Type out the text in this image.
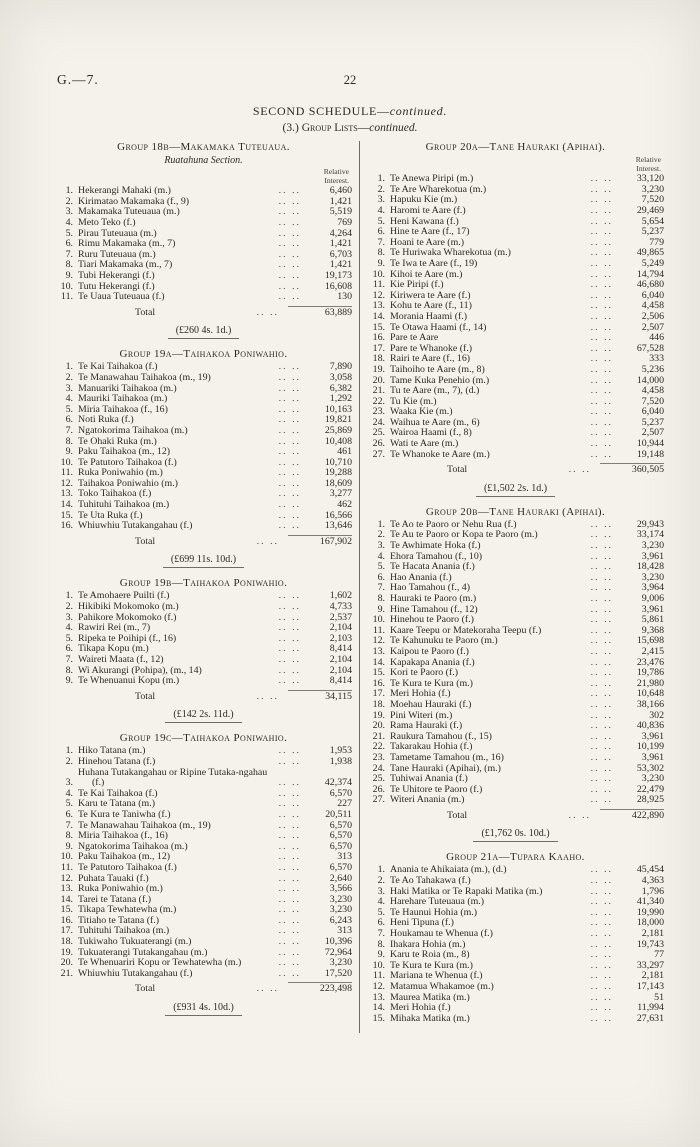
G.—7.	22
SECOND SCHEDULE—continued.
(3.) Group Lists—continued.
Group 18b—Makamaka Tuteuaua.
Ruatahuna Section.
Relative
Interest.
1. Hekerangi Mahaki (m.)	.. ..	6,460
2. Kirimatao Makamaka (f., 9)	.. ..	1,421
3. Makamaka Tuteuaua (m.)	.. ..	5,519
4. Meto Teko (f.)	.. ..	769
5. Pirau Tuteuaua (m.)	.. ..	4,264
6. Rimu Makamaka (m., 7)	.. ..	1,421
7. Ruru Tuteuaua (m.)	.. ..	6,703
8. Tiari Makamaka (m., 7)	.. ..	1,421
9. Tubi Hekerangi (f.)	.. ..	19,173
10. Tutu Hekerangi (f.)	.. ..	16,608
11. Te Uaua Tuteuaua (f.)	.. ..	130
Total	.. ..	63,889
(£260 4s. 1d.)
Group 19a—Taihakoa Poniwahio.
1. Te Kai Taihakoa (f.)	.. ..	7,890
2. Te Manawahau Taihakoa (m., 19)	.. ..	3,058
3. Manuariki Taihakoa (m.)	.. ..	6,382
4. Mauriki Taihakoa (m.)	.. ..	1,292
5. Miria Taihakoa (f., 16)	.. ..	10,163
6. Noti Ruka (f.)	.. ..	19,821
7. Ngatokorima Taihakoa (m.)	.. ..	25,869
8. Te Ohaki Ruka (m.)	.. ..	10,408
9. Paku Taihakoa (m., 12)	.. ..	461
10. Te Patutoro Taihakoa (f.)	.. ..	10,710
11. Ruka Poniwahio (m.)	.. ..	19,288
12. Taihakoa Poniwahio (m.)	.. ..	18,609
13. Toko Taihakoa (f.)	.. ..	3,277
14. Tuhituhi Taihakoa (m.)	.. ..	462
15. Te Uta Ruka (f.)	.. ..	16,566
16. Whiuwhiu Tutakangahau (f.)	.. ..	13,646
Total	.. ..	167,902
(£699 11s. 10d.)
Group 19b—Taihakoa Poniwahio.
1. Te Amohaere Puilti (f.)	.. ..	1,602
2. Hikibiki Mokomoko (m.)	.. ..	4,733
3. Pahikore Mokomoko (f.)	.. ..	2,537
4. Rawiri Rei (m., 7)	.. ..	2,104
5. Ripeka te Poihipi (f., 16)	.. ..	2,103
6. Tikapa Kopu (m.)	.. ..	8,414
7. Waireti Maata (f., 12)	.. ..	2,104
8. Wi Akurangi (Pohipa), (m., 14)	.. ..	2,104
9. Te Whenuanui Kopu (m.)	.. ..	8,414
Total	.. ..	34,115
(£142 2s. 11d.)
Group 19c—Taihakoa Poniwahio.
1. Hiko Tatana (m.)	.. ..	1,953
2. Hinehou Tatana (f.)	.. ..	1,938
3.
Huhana Tutakangahau or Ripine Tutaka-ngahau (f.)	.. ..	42,374
4. Te Kai Taihakoa (f.)	.. ..	6,570
5. Karu te Tatana (m.)	.. ..	227
6. Te Kura te Taniwha (f.)	.. ..	20,511
7. Te Manawahau Taihakoa (m., 19)	.. ..	6,570
8. Miria Taihakoa (f., 16)	.. ..	6,570
9. Ngatokorima Taihakoa (m.)	.. ..	6,570
10. Paku Taihakoa (m., 12)	.. ..	313
11. Te Patutoro Taihakoa (f.)	.. ..	6,570
12. Puhata Tauaki (f.)	.. ..	2,640
13. Ruka Poniwahio (m.)	.. ..	3,566
14. Tarei te Tatana (f.)	.. ..	3,230
15. Tikapa Tewhatewha (m.)	.. ..	3,230
16. Titiaho te Tatana (f.)	.. ..	6,243
17. Tuhituhi Taihakoa (m.)	.. ..	313
18. Tukiwaho Tukuaterangi (m.)	.. ..	10,396
19. Tukuaterangi Tutakangahau (m.)	.. ..	72,964
20. Te Whenuariri Kopu or Tewhatewha (m.)	.. ..	3,230
21. Whiuwhiu Tutakangahau (f.)	.. ..	17,520
Total	.. ..	223,498
(£931 4s. 10d.)
Group 20a—Tane Hauraki (Apihai).
Relative
Interest.
1. Te Anewa Piripi (m.)	.. ..	33,120
2. Te Are Wharekotua (m.)	.. ..	3,230
3. Hapuku Kie (m.)	.. ..	7,520
4. Haromi te Aare (f.)	.. ..	29,469
5. Heni Kawana (f.)	.. ..	5,654
6. Hine te Aare (f., 17)	.. ..	5,237
7. Hoani te Aare (m.)	.. ..	779
8. Te Huriwaka Wharekotua (m.)	.. ..	49,865
9. Te Iwa te Aare (f., 19)	.. ..	5,249
10. Kihoi te Aare (m.)	.. ..	14,794
11. Kie Piripi (f.)	.. ..	46,680
12. Kiriwera te Aare (f.)	.. ..	6,040
13. Kohu te Aare (f., 11)	.. ..	4,458
14. Morania Haami (f.)	.. ..	2,506
15. Te Otawa Haami (f., 14)	.. ..	2,507
16. Pare te Aare	.. ..	446
17. Pare te Whanoke (f.)	.. ..	67,528
18. Rairi te Aare (f., 16)	.. ..	333
19. Taihoiho te Aare (m., 8)	.. ..	5,236
20. Tame Kuka Penehio (m.)	.. ..	14,000
21. Tu te Aare (m., 7), (d.)	.. ..	4,458
22. Tu Kie (m.)	.. ..	7,520
23. Waaka Kie (m.)	.. ..	6,040
24. Waihua te Aare (m., 6)	.. ..	5,237
25. Wairoa Haami (f., 8)	.. ..	2,507
26. Wati te Aare (m.)	.. ..	10,944
27. Te Whanoke te Aare (m.)	.. ..	19,148
Total	.. ..	360,505
(£1,502 2s. 1d.)
Group 20b—Tane Hauraki (Apihai).
1. Te Ao te Paoro or Nehu Rua (f.)	.. ..	29,943
2. Te Au te Paoro or Kopa te Paoro (m.)	.. ..	33,174
3. Te Awhimate Hoka (f.)	.. ..	3,230
4. Ehora Tamahou (f., 10)	.. ..	3,961
5. Te Hacata Anania (f.)	.. ..	18,428
6. Hao Anania (f.)	.. ..	3,230
7. Hao Tamahou (f., 4)	.. ..	3,964
8. Hauraki te Paoro (m.)	.. ..	9,006
9. Hine Tamahou (f., 12)	.. ..	3,961
10. Hinehou te Paoro (f.)	.. ..	5,861
11. Kaare Teepu or Matekoraha Teepu (f.)	.. ..	9,368
12. Te Kahunuku te Paoro (m.)	.. ..	15,698
13. Kaipou te Paoro (f.)	.. ..	2,415
14. Kapakapa Anania (f.)	.. ..	23,476
15. Kori te Paoro (f.)	.. ..	19,786
16. Te Kura te Kura (m.)	.. ..	21,980
17. Meri Hohia (f.)	.. ..	10,648
18. Moehau Hauraki (f.)	.. ..	38,166
19. Pini Witeri (m.)	.. ..	302
20. Rama Hauraki (f.)	.. ..	40,836
21. Raukura Tamahou (f., 15)	.. ..	3,961
22. Takarakau Hohia (f.)	.. ..	10,199
23. Tametame Tamahou (m., 16)	.. ..	3,961
24. Tane Hauraki (Apihai), (m.)	.. ..	53,302
25. Tuhiwai Anania (f.)	.. ..	3,230
26. Te Uhitore te Paoro (f.)	.. ..	22,479
27. Witeri Anania (m.)	.. ..	28,925
Total	.. ..	422,890
(£1,762 0s. 10d.)
Group 21a—Tupara Kaaho.
1. Anania te Ahikaiata (m.), (d.)	.. ..	45,454
2. Te Ao Tahakawa (f.)	.. ..	4,363
3. Haki Matika or Te Rapaki Matika (m.)	.. ..	1,796
4. Harehare Tuteuaua (m.)	.. ..	41,340
5. Te Haunui Hohia (m.)	.. ..	19,990
6. Heni Tipuna (f.)	.. ..	18,000
7. Houkamau te Whenua (f.)	.. ..	2,181
8. Ihakara Hohia (m.)	.. ..	19,743
9. Karu te Roia (m., 8)	.. ..	77
10. Te Kura te Kura (m.)	.. ..	33,297
11. Mariana te Whenua (f.)	.. ..	2,181
12. Matamua Whakamoe (m.)	.. ..	17,143
13. Maurea Matika (m.)	.. ..	51
14. Meri Hohia (f.)	.. ..	11,994
15. Mihaka Matika (m.)	.. ..	27,631
